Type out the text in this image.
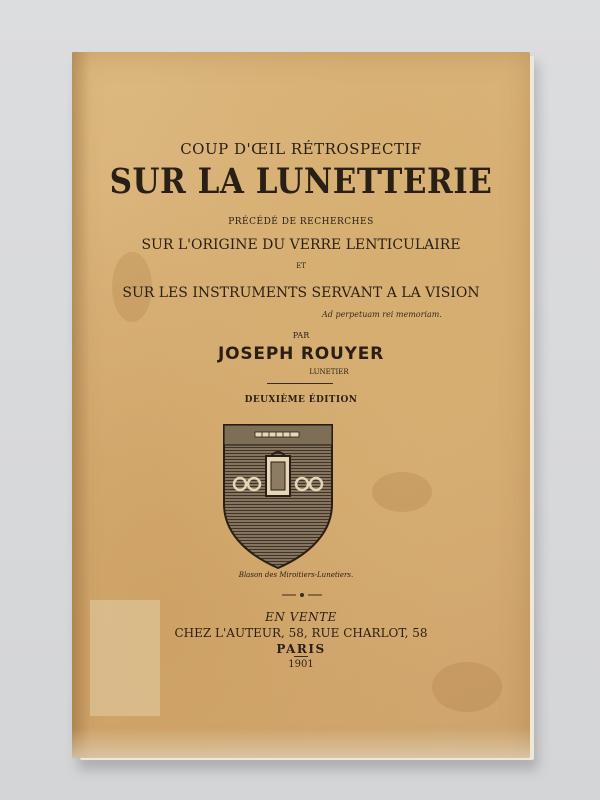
COUP D'ŒIL RÉTROSPECTIF
SUR LA LUNETTERIE
PRÉCÉDÉ DE RECHERCHES
SUR L'ORIGINE DU VERRE LENTICULAIRE
ET
SUR LES INSTRUMENTS SERVANT A LA VISION
Ad perpetuam rei memoriam.
PAR
JOSEPH ROUYER
LUNETIER
DEUXIÈME ÉDITION
Blason des Miroitiers-Lunetiers.
EN VENTE
CHEZ L'AUTEUR, 58, RUE CHARLOT, 58
PARIS
1901
